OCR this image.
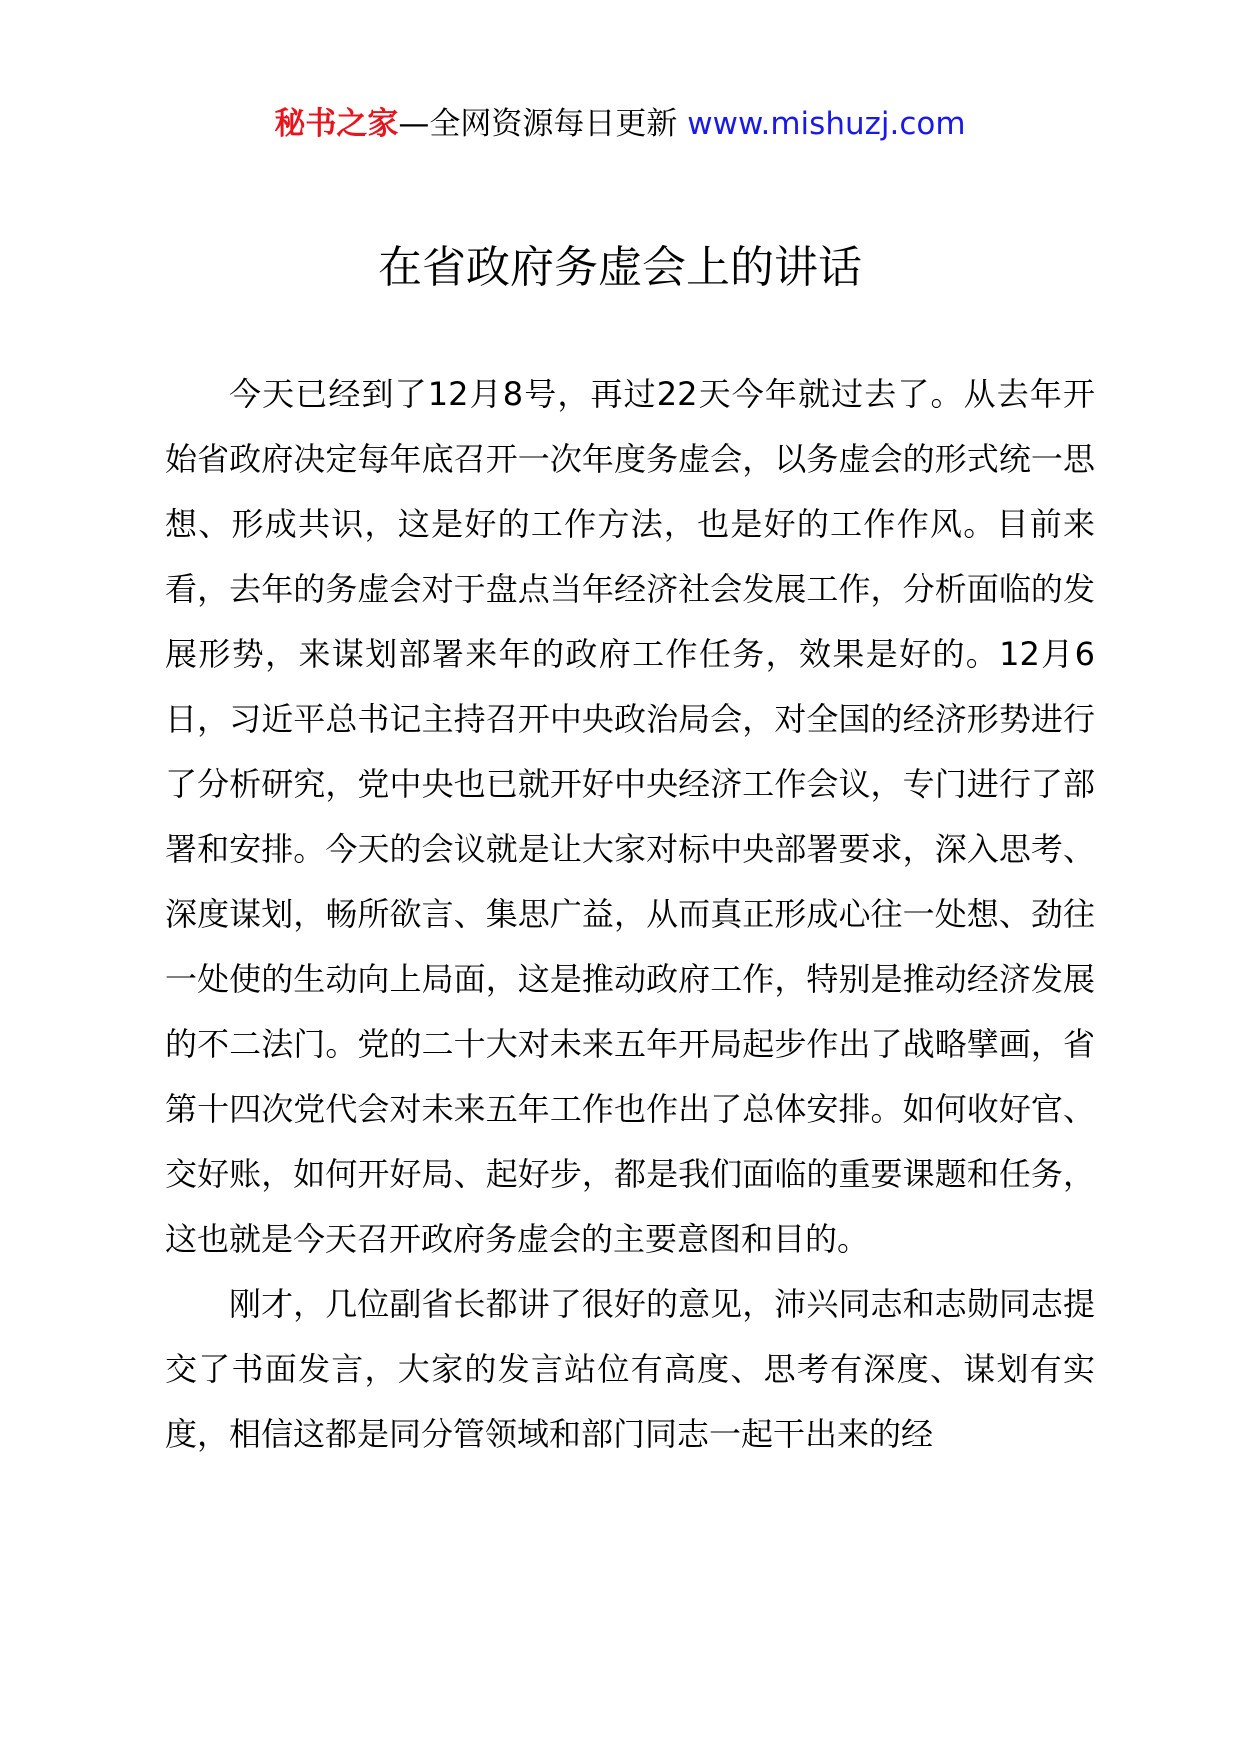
秘书之家—全网资源每日更新 www.mishuzj.com
在省政府务虚会上的讲话

今天已经到了12月8号，再过22天今年就过去了。从去年开始省政府决定每年底召开一次年度务虚会，以务虚会的形式统一思想、形成共识，这是好的工作方法，也是好的工作作风。目前来看，去年的务虚会对于盘点当年经济社会发展工作，分析面临的发展形势，来谋划部署来年的政府工作任务，效果是好的。12月6日，习近平总书记主持召开中央政治局会，对全国的经济形势进行了分析研究，党中央也已就开好中央经济工作会议，专门进行了部署和安排。今天的会议就是让大家对标中央部署要求，深入思考、深度谋划，畅所欲言、集思广益，从而真正形成心往一处想、劲往一处使的生动向上局面，这是推动政府工作，特别是推动经济发展的不二法门。党的二十大对未来五年开局起步作出了战略擘画，省第十四次党代会对未来五年工作也作出了总体安排。如何收好官、交好账，如何开好局、起好步，都是我们面临的重要课题和任务，这也就是今天召开政府务虚会的主要意图和目的。

刚才，几位副省长都讲了很好的意见，沛兴同志和志勋同志提交了书面发言，大家的发言站位有高度、思考有深度、谋划有实度，相信这都是同分管领域和部门同志一起干出来的经
